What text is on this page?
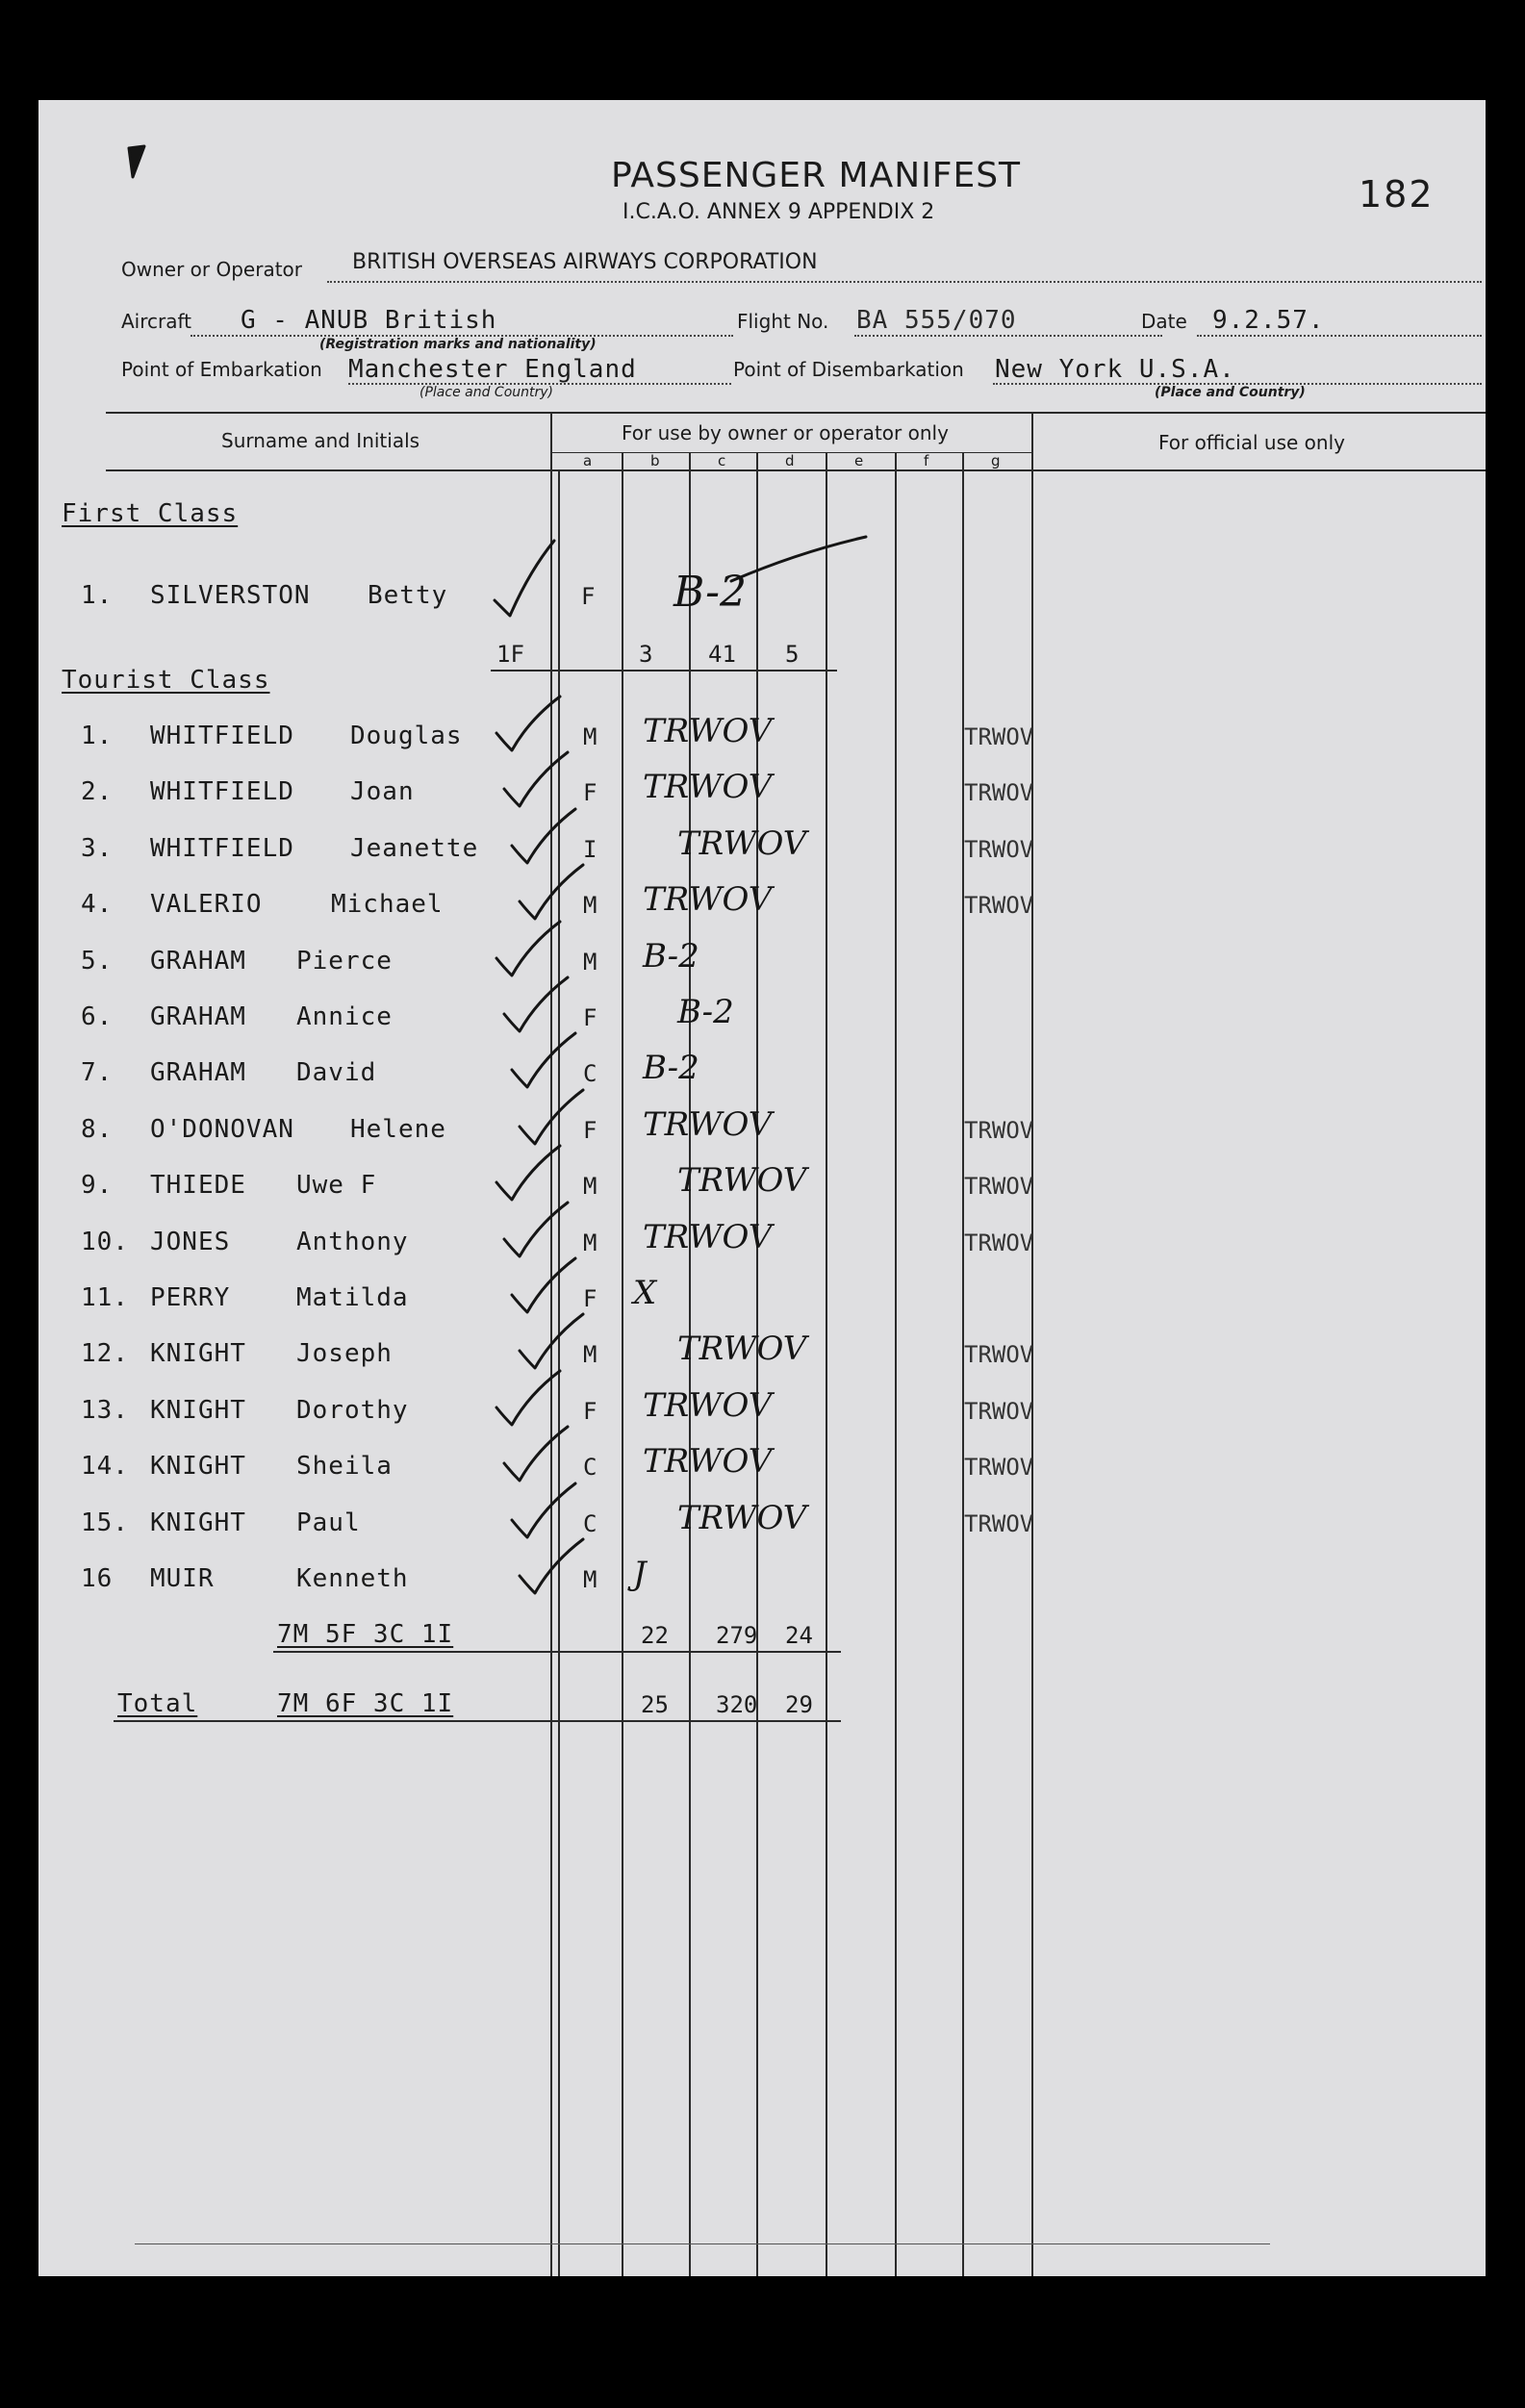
PASSENGER MANIFEST
I.C.A.O. ANNEX 9 APPENDIX 2	182
Owner or Operator BRITISH OVERSEAS AIRWAYS CORPORATION
Aircraft G - ANUB British
(Registration marks and nationality)
Flight No. BA 555/070	Date 9.2.57.
Point of Embarkation Manchester England
(Place and Country)
Point of Disembarkation New York U.S.A.
(Place and Country)
Surname and Initials	For use by owner or operator only	For official use only
a	b	c	d	e	f	g
First Class
1. SILVERSTON Betty	F B-2
1F	3 41 5
Tourist Class
1. WHITFIELD Douglas	M TRWOV	TRWOV
2. WHITFIELD Joan	F TRWOV	TRWOV
3. WHITFIELD Jeanette	I TRWOV	TRWOV
4. VALERIO	Michael	M TRWOV	TRWOV
5. GRAHAM Pierce	M B-2
6. GRAHAM Annice	F B-2
7. GRAHAM David	C B-2
8. O'DONOVAN Helene	F TRWOV	TRWOV
9. THIEDE Uwe F	M TRWOV	TRWOV
10. JONES	Anthony	M TRWOV	TRWOV
11. PERRY	Matilda	F X
12. KNIGHT Joseph	M TRWOV	TRWOV
13. KNIGHT Dorothy	F TRWOV	TRWOV
14. KNIGHT Sheila	C TRWOV	TRWOV
15. KNIGHT Paul	C TRWOV	TRWOV
16 MUIR	Kenneth	M J
7M 5F 3C 1I	22 279 24
Total	7M 6F 3C 1I	25 320 29
